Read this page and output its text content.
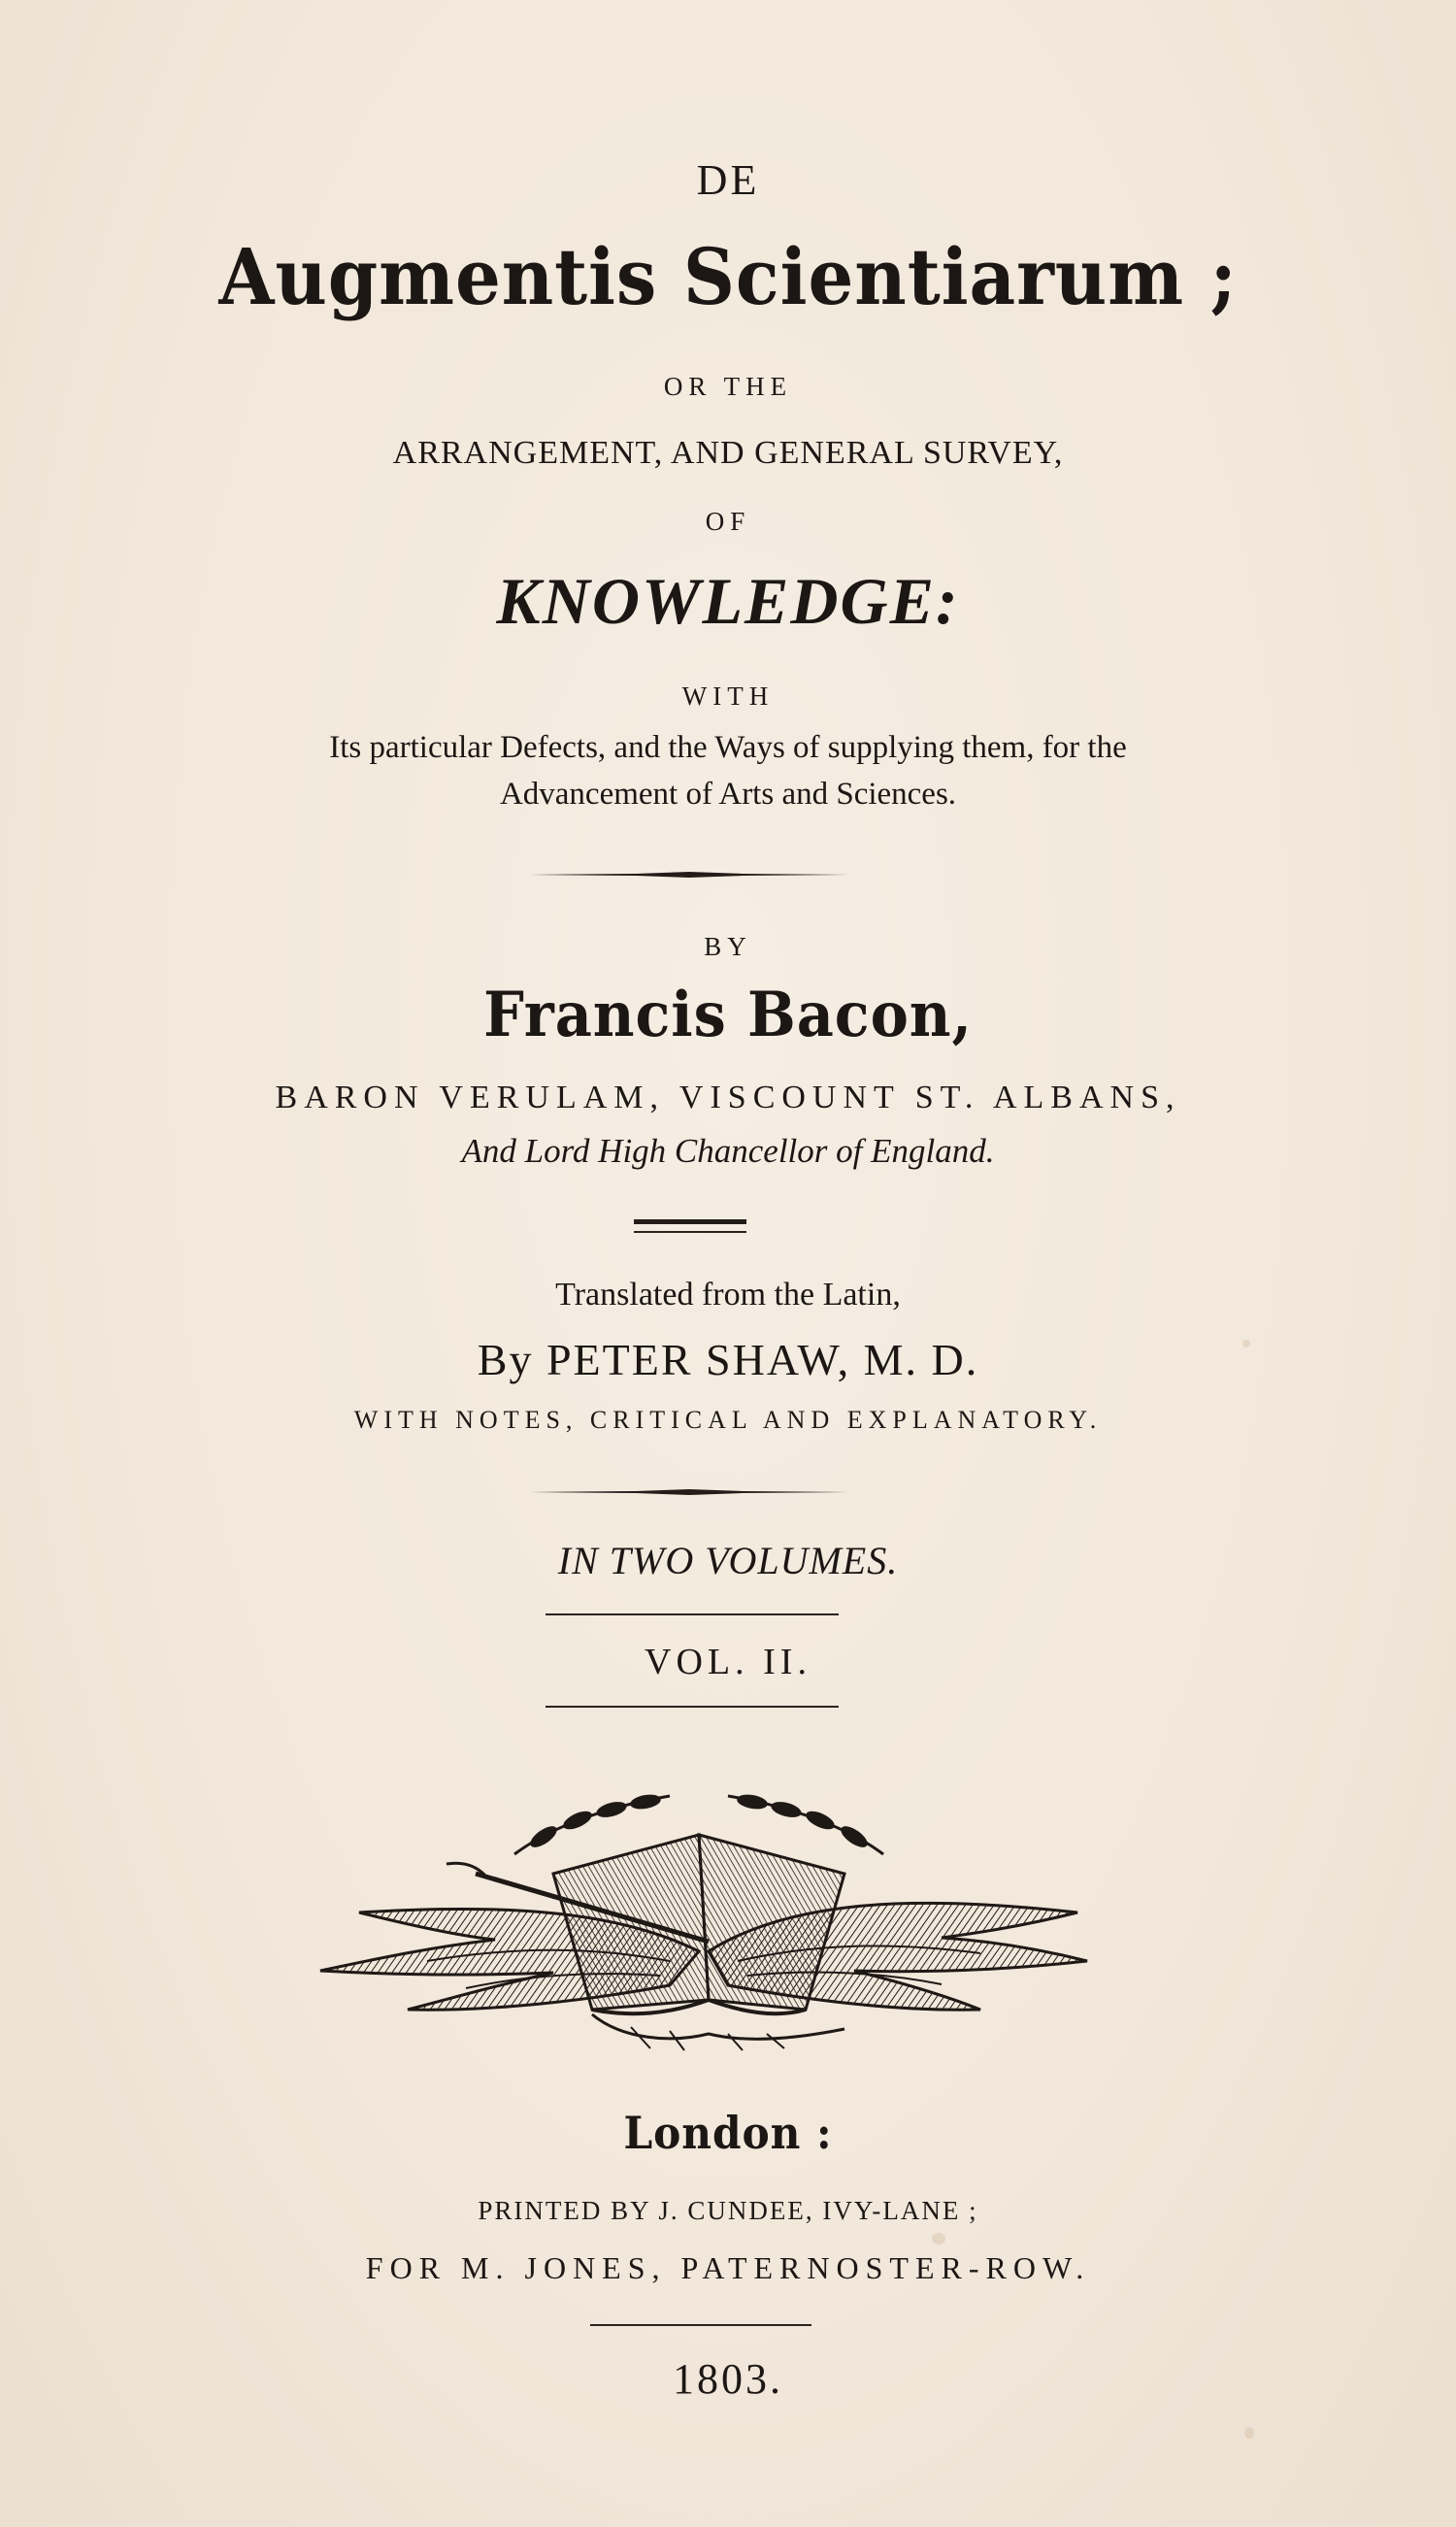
DE
Augmentis Scientiarum ;
OR THE
ARRANGEMENT, AND GENERAL SURVEY,
OF
KNOWLEDGE:
WITH
Its particular Defects, and the Ways of supplying them, for the
Advancement of Arts and Sciences.
BY
Francis Bacon,
BARON VERULAM, VISCOUNT ST. ALBANS,
And Lord High Chancellor of England.
Translated from the Latin,
By PETER SHAW, M. D.
WITH NOTES, CRITICAL AND EXPLANATORY.
IN TWO VOLUMES.
VOL. II.
London :
PRINTED BY J. CUNDEE, IVY-LANE ;
FOR M. JONES, PATERNOSTER-ROW.
1803.
